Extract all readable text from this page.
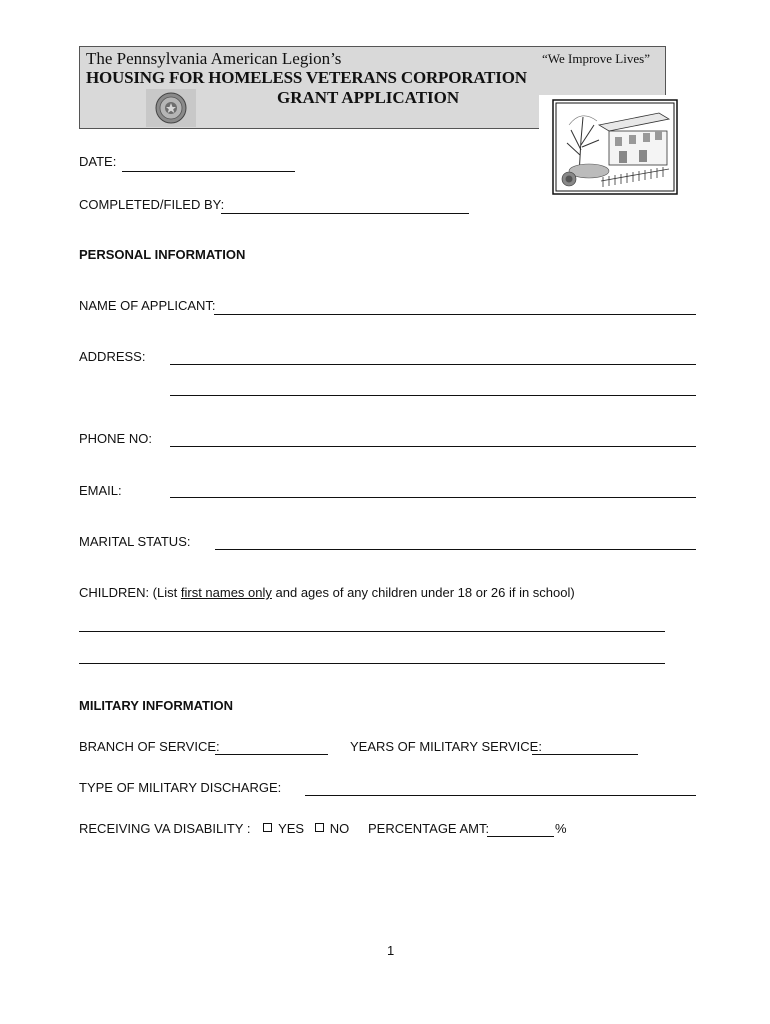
The Pennsylvania American Legion’s	“We Improve Lives”
HOUSING FOR HOMELESS VETERANS CORPORATION
GRANT APPLICATION
DATE:
COMPLETED/FILED BY:
PERSONAL INFORMATION
NAME OF APPLICANT:
ADDRESS:
PHONE NO:
EMAIL:
MARITAL STATUS:
CHILDREN: (List first names only and ages of any children under 18 or 26 if in school)
MILITARY INFORMATION
BRANCH OF SERVICE:	YEARS OF MILITARY SERVICE:
TYPE OF MILITARY DISCHARGE:
RECEIVING VA DISABILITY : YES NO PERCENTAGE AMT:	%
1
